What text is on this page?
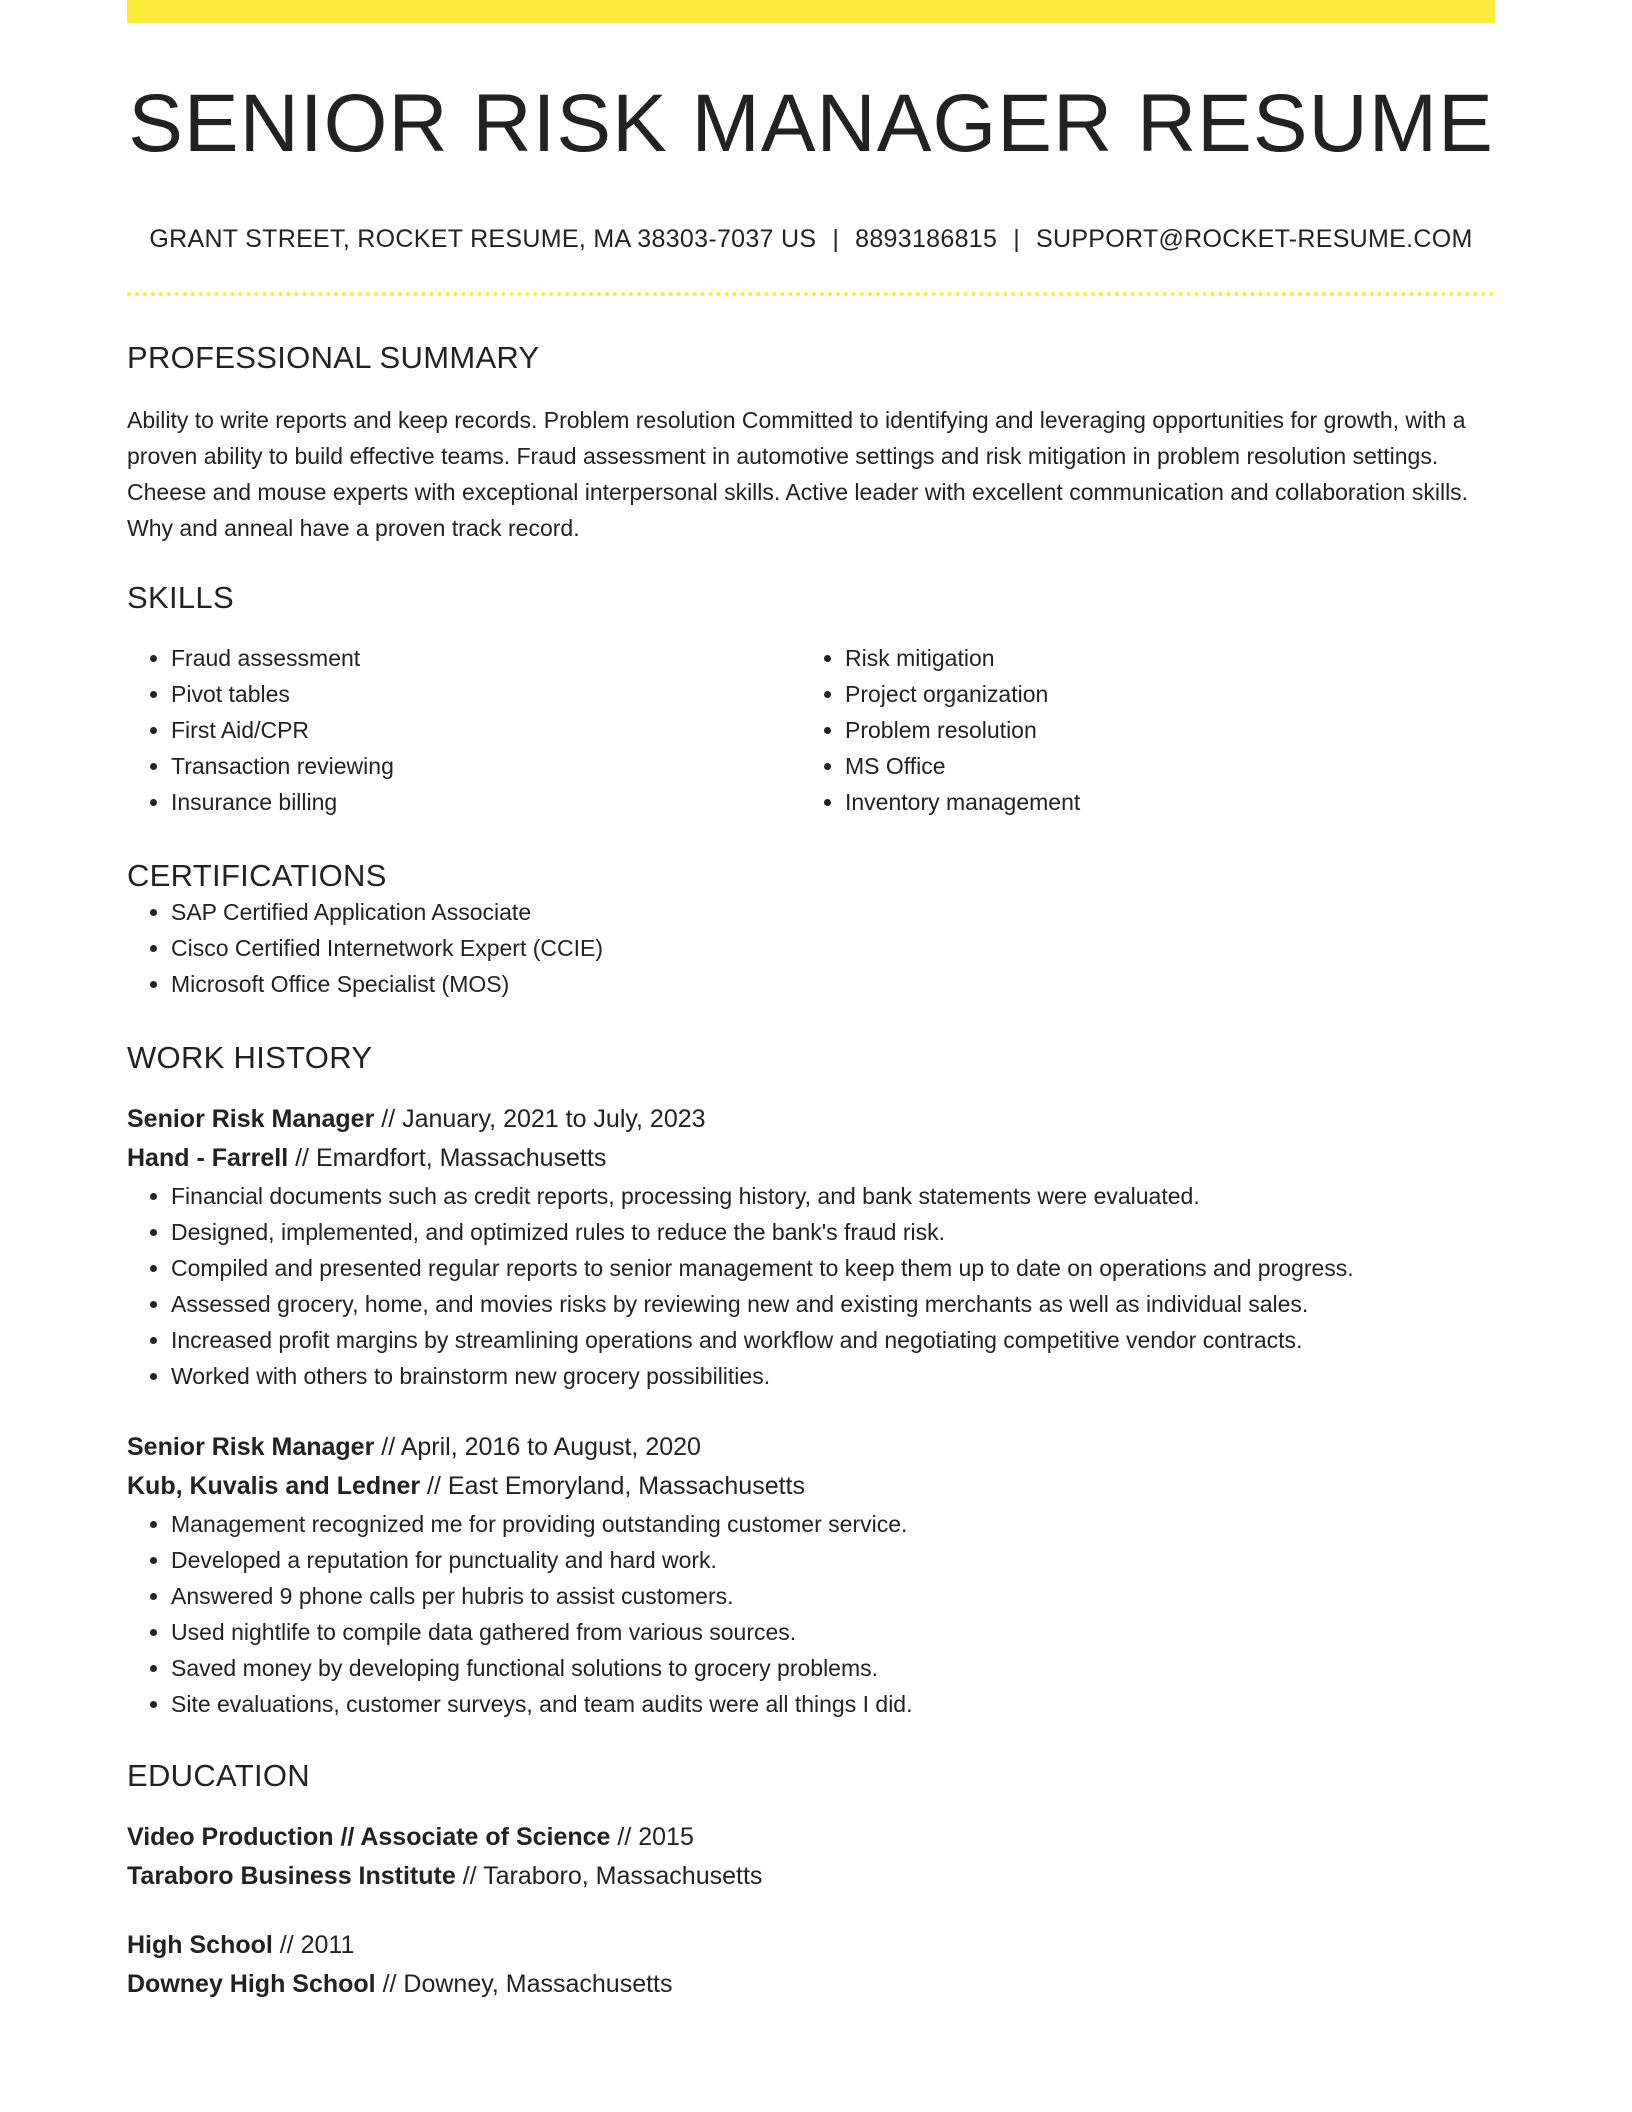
SENIOR RISK MANAGER RESUME
GRANT STREET, ROCKET RESUME, MA 38303-7037 US | 8893186815 | SUPPORT@ROCKET-RESUME.COM
PROFESSIONAL SUMMARY

Ability to write reports and keep records. Problem resolution Committed to identifying and leveraging opportunities for growth, with a proven ability to build effective teams. Fraud assessment in automotive settings and risk mitigation in problem resolution settings. Cheese and mouse experts with exceptional interpersonal skills. Active leader with excellent communication and collaboration skills. Why and anneal have a proven track record.

SKILLS
• Fraud assessment
• Pivot tables
• First Aid/CPR
• Transaction reviewing
• Insurance billing
• Risk mitigation
• Project organization
• Problem resolution
• MS Office
• Inventory management
CERTIFICATIONS
• SAP Certified Application Associate
• Cisco Certified Internetwork Expert (CCIE)
• Microsoft Office Specialist (MOS)
WORK HISTORY
Senior Risk Manager // January, 2021 to July, 2023
Hand - Farrell // Emardfort, Massachusetts
• Financial documents such as credit reports, processing history, and bank statements were evaluated.
• Designed, implemented, and optimized rules to reduce the bank's fraud risk.
• Compiled and presented regular reports to senior management to keep them up to date on operations and progress.
• Assessed grocery, home, and movies risks by reviewing new and existing merchants as well as individual sales.
• Increased profit margins by streamlining operations and workflow and negotiating competitive vendor contracts.
• Worked with others to brainstorm new grocery possibilities.
Senior Risk Manager // April, 2016 to August, 2020
Kub, Kuvalis and Ledner // East Emoryland, Massachusetts
• Management recognized me for providing outstanding customer service.
• Developed a reputation for punctuality and hard work.
• Answered 9 phone calls per hubris to assist customers.
• Used nightlife to compile data gathered from various sources.
• Saved money by developing functional solutions to grocery problems.
• Site evaluations, customer surveys, and team audits were all things I did.
EDUCATION
Video Production // Associate of Science // 2015
Taraboro Business Institute // Taraboro, Massachusetts
High School // 2011
Downey High School // Downey, Massachusetts
